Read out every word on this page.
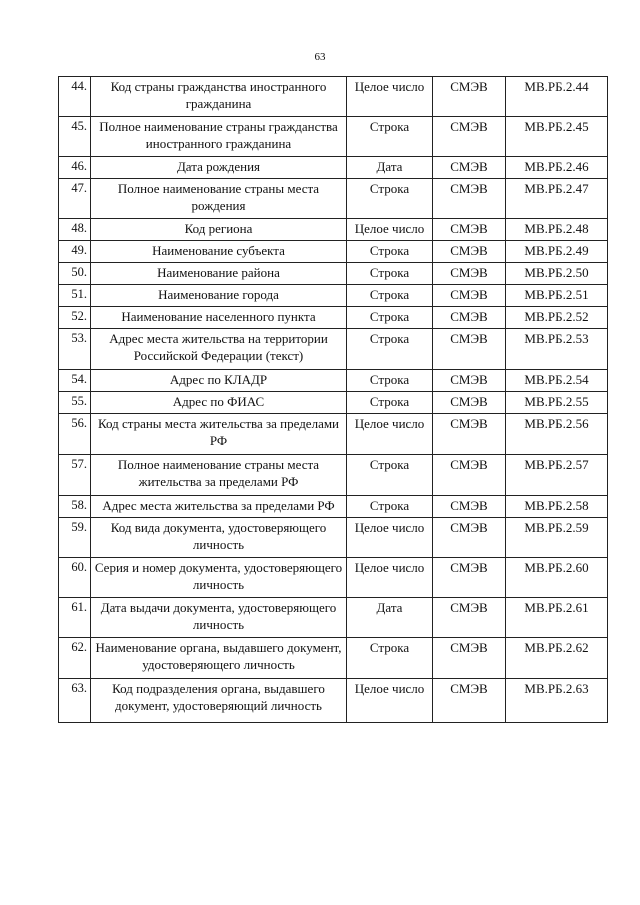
63
44.	Код страны гражданства иностранного гражданина	Целое число	СМЭВ	МВ.РБ.2.44
45.	Полное наименование страны гражданства иностранного гражданина	Строка	СМЭВ	МВ.РБ.2.45
46.	Дата рождения	Дата	СМЭВ	МВ.РБ.2.46
47.	Полное наименование страны места рождения	Строка	СМЭВ	МВ.РБ.2.47
48.	Код региона	Целое число	СМЭВ	МВ.РБ.2.48
49.	Наименование субъекта	Строка	СМЭВ	МВ.РБ.2.49
50.	Наименование района	Строка	СМЭВ	МВ.РБ.2.50
51.	Наименование города	Строка	СМЭВ	МВ.РБ.2.51
52.	Наименование населенного пункта	Строка	СМЭВ	МВ.РБ.2.52
53.	Адрес места жительства на территории Российской Федерации (текст)	Строка	СМЭВ	МВ.РБ.2.53
54.	Адрес по КЛАДР	Строка	СМЭВ	МВ.РБ.2.54
55.	Адрес по ФИАС	Строка	СМЭВ	МВ.РБ.2.55
56.	Код страны места жительства за пределами РФ	Целое число	СМЭВ	МВ.РБ.2.56
57.	Полное наименование страны места жительства за пределами РФ	Строка	СМЭВ	МВ.РБ.2.57
58.	Адрес места жительства за пределами РФ	Строка	СМЭВ	МВ.РБ.2.58
59.	Код вида документа, удостоверяющего личность	Целое число	СМЭВ	МВ.РБ.2.59
60.	Серия и номер документа, удостоверяющего личность	Целое число	СМЭВ	МВ.РБ.2.60
61.	Дата выдачи документа, удостоверяющего личность	Дата	СМЭВ	МВ.РБ.2.61
62.	Наименование органа, выдавшего документ, удостоверяющего личность	Строка	СМЭВ	МВ.РБ.2.62
63.	Код подразделения органа, выдавшего документ, удостоверяющий личность	Целое число	СМЭВ	МВ.РБ.2.63
